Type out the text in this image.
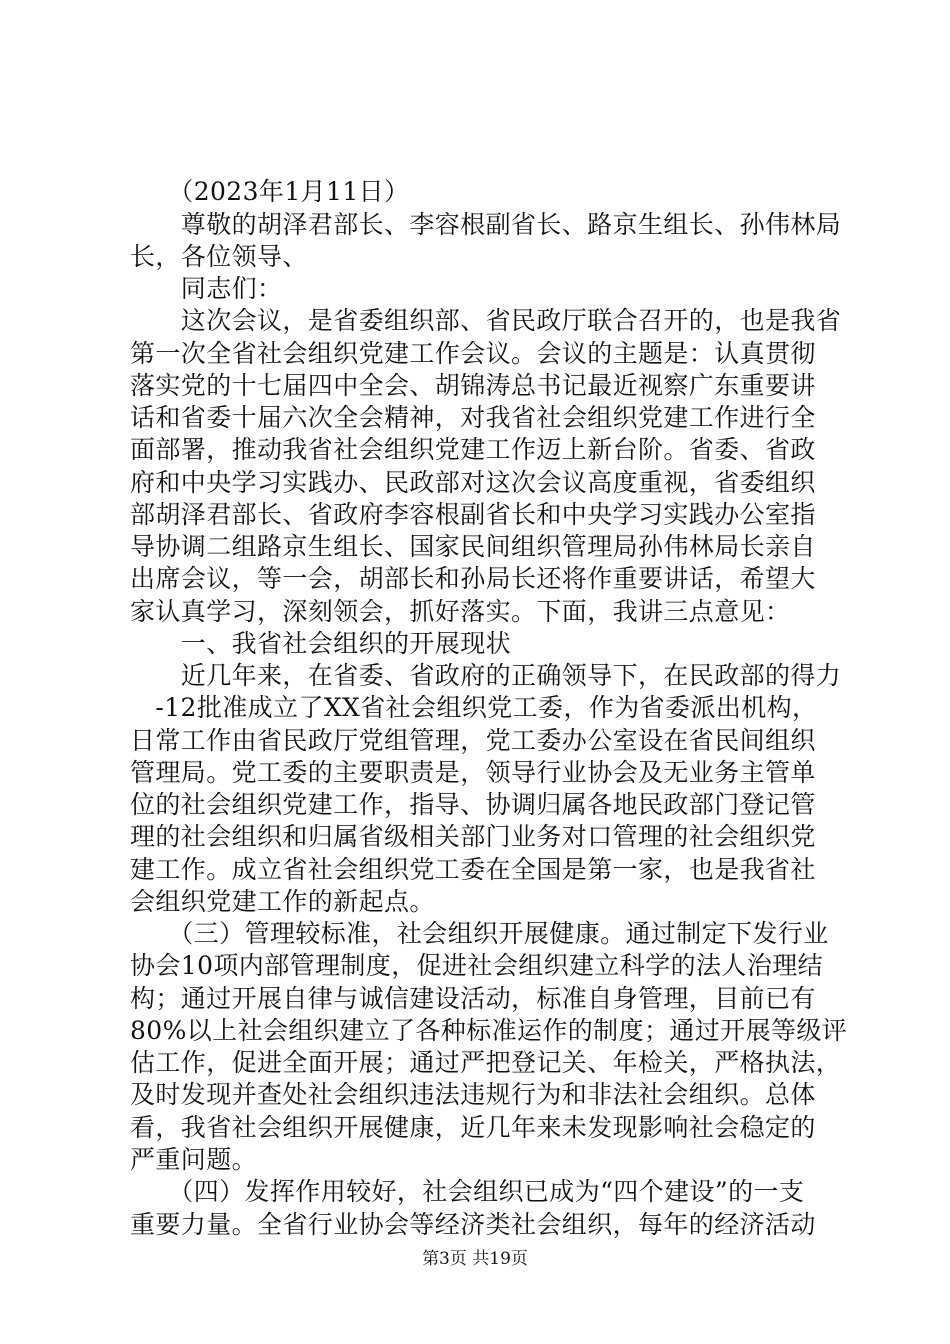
　　（2023年1月11日）
　　尊敬的胡泽君部长、李容根副省长、路京生组长、孙伟林局
长，各位领导、
　　同志们：
　　这次会议，是省委组织部、省民政厅联合召开的，也是我省
第一次全省社会组织党建工作会议。会议的主题是：认真贯彻
落实党的十七届四中全会、胡锦涛总书记最近视察广东重要讲
话和省委十届六次全会精神，对我省社会组织党建工作进行全
面部署，推动我省社会组织党建工作迈上新台阶。省委、省政
府和中央学习实践办、民政部对这次会议高度重视，省委组织
部胡泽君部长、省政府李容根副省长和中央学习实践办公室指
导协调二组路京生组长、国家民间组织管理局孙伟林局长亲自
出席会议，等一会，胡部长和孙局长还将作重要讲话，希望大
家认真学习，深刻领会，抓好落实。下面，我讲三点意见：
　　一、我省社会组织的开展现状
　　近几年来，在省委、省政府的正确领导下，在民政部的得力
　-12批准成立了XX省社会组织党工委，作为省委派出机构，
日常工作由省民政厅党组管理，党工委办公室设在省民间组织
管理局。党工委的主要职责是，领导行业协会及无业务主管单
位的社会组织党建工作，指导、协调归属各地民政部门登记管
理的社会组织和归属省级相关部门业务对口管理的社会组织党
建工作。成立省社会组织党工委在全国是第一家，也是我省社
会组织党建工作的新起点。
　　（三）管理较标准，社会组织开展健康。通过制定下发行业
协会10项内部管理制度，促进社会组织建立科学的法人治理结
构；通过开展自律与诚信建设活动，标准自身管理，目前已有
80%以上社会组织建立了各种标准运作的制度；通过开展等级评
估工作，促进全面开展；通过严把登记关、年检关，严格执法，
及时发现并查处社会组织违法违规行为和非法社会组织。总体
看，我省社会组织开展健康，近几年来未发现影响社会稳定的
严重问题。
　　（四）发挥作用较好，社会组织已成为“四个建设”的一支
重要力量。全省行业协会等经济类社会组织，每年的经济活动
第3页 共19页
